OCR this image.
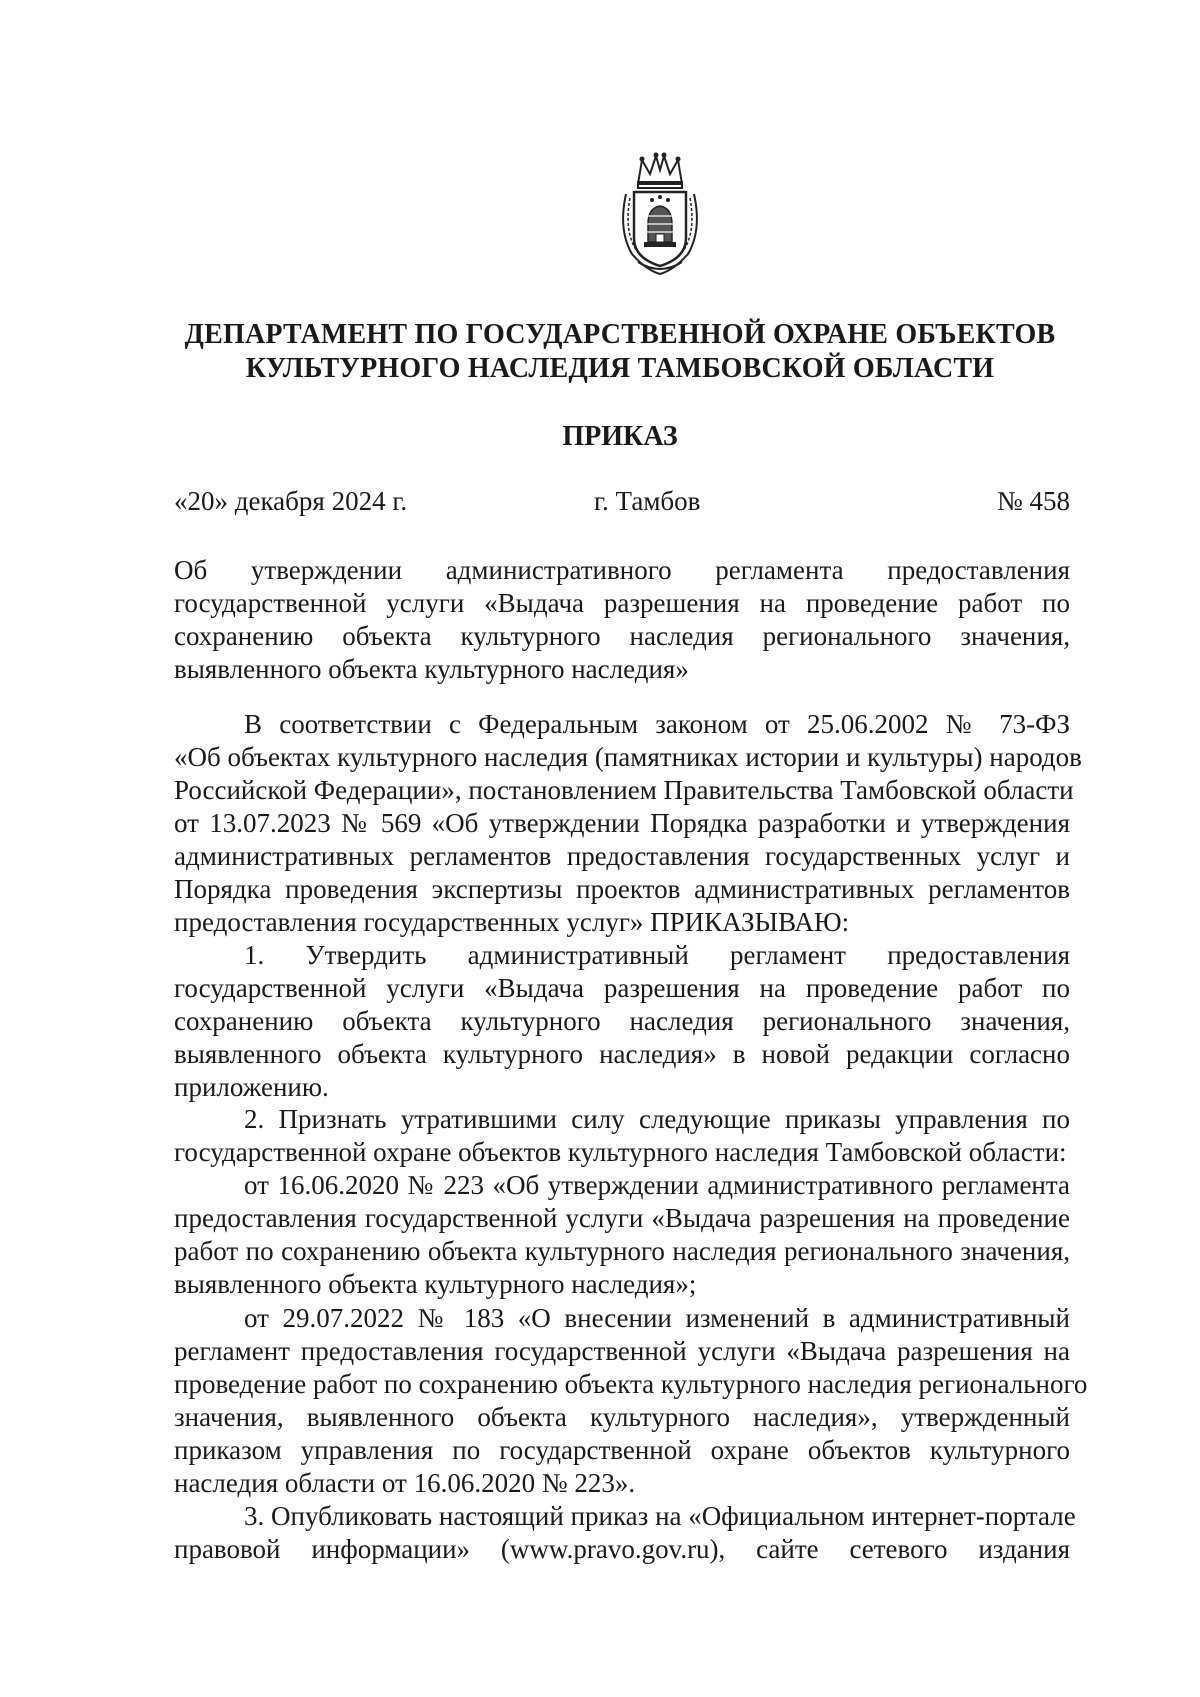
ДЕПАРТАМЕНТ ПО ГОСУДАРСТВЕННОЙ ОХРАНЕ ОБЪЕКТОВ
КУЛЬТУРНОГО НАСЛЕДИЯ ТАМБОВСКОЙ ОБЛАСТИ
ПРИКАЗ
«20» декабря 2024 г.	г. Тамбов	№ 458
Об утверждении административного регламента предоставления
государственной услуги «Выдача разрешения на проведение работ по
сохранению объекта культурного наследия регионального значения,
выявленного объекта культурного наследия»
В соответствии с Федеральным законом от 25.06.2002 № 73-ФЗ
«Об объектах культурного наследия (памятниках истории и культуры) народов
Российской Федерации», постановлением Правительства Тамбовской области
от 13.07.2023 № 569 «Об утверждении Порядка разработки и утверждения
административных регламентов предоставления государственных услуг и
Порядка проведения экспертизы проектов административных регламентов
предоставления государственных услуг» ПРИКАЗЫВАЮ:
1. Утвердить административный регламент предоставления
государственной услуги «Выдача разрешения на проведение работ по
сохранению объекта культурного наследия регионального значения,
выявленного объекта культурного наследия» в новой редакции согласно
приложению.
2. Признать утратившими силу следующие приказы управления по
государственной охране объектов культурного наследия Тамбовской области:
от 16.06.2020 № 223 «Об утверждении административного регламента
предоставления государственной услуги «Выдача разрешения на проведение
работ по сохранению объекта культурного наследия регионального значения,
выявленного объекта культурного наследия»;
от 29.07.2022 № 183 «О внесении изменений в административный
регламент предоставления государственной услуги «Выдача разрешения на
проведение работ по сохранению объекта культурного наследия регионального
значения, выявленного объекта культурного наследия», утвержденный
приказом управления по государственной охране объектов культурного
наследия области от 16.06.2020 № 223».
3. Опубликовать настоящий приказ на «Официальном интернет-портале
правовой информации» (www.pravo.gov.ru), сайте сетевого издания
